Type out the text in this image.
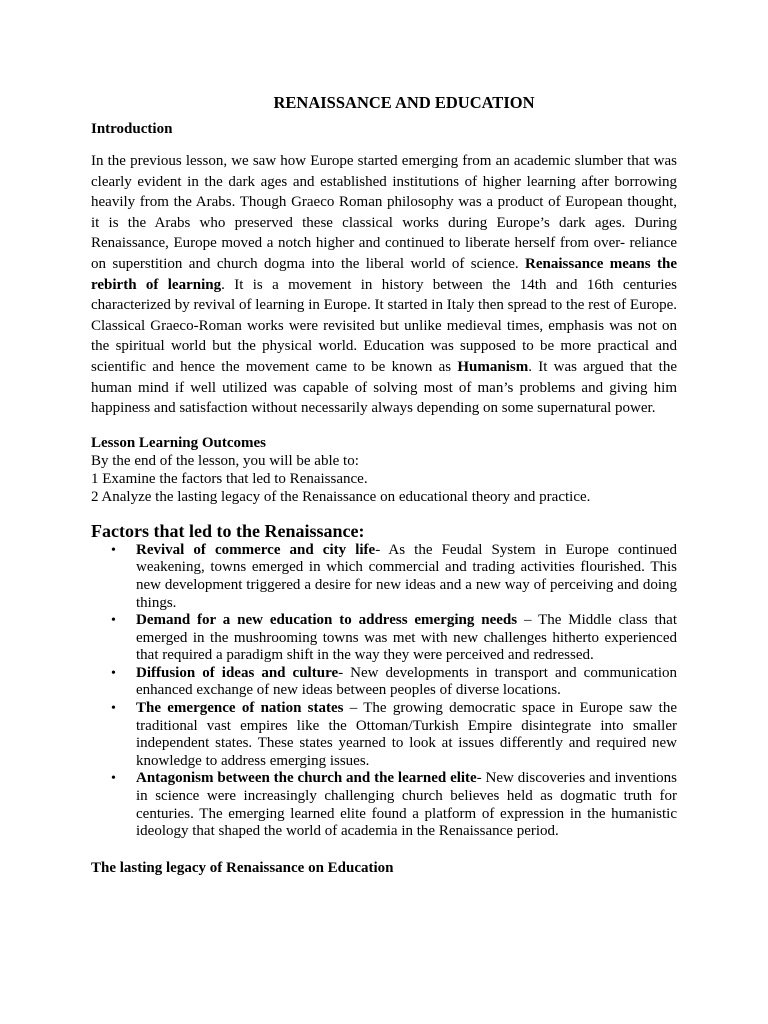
RENAISSANCE AND EDUCATION
Introduction

In the previous lesson, we saw how Europe started emerging from an academic slumber that was clearly evident in the dark ages and established institutions of higher learning after borrowing heavily from the Arabs. Though Graeco Roman philosophy was a product of European thought, it is the Arabs who preserved these classical works during Europe’s dark ages. During Renaissance, Europe moved a notch higher and continued to liberate herself from over- reliance on superstition and church dogma into the liberal world of science. Renaissance means the rebirth of learning. It is a movement in history between the 14th and 16th centuries characterized by revival of learning in Europe. It started in Italy then spread to the rest of Europe. Classical Graeco-Roman works were revisited but unlike medieval times, emphasis was not on the spiritual world but the physical world. Education was supposed to be more practical and scientific and hence the movement came to be known as Humanism. It was argued that the human mind if well utilized was capable of solving most of man’s problems and giving him happiness and satisfaction without necessarily always depending on some supernatural power.

Lesson Learning Outcomes
By the end of the lesson, you will be able to:
1 Examine the factors that led to Renaissance.
2 Analyze the lasting legacy of the Renaissance on educational theory and practice.
Factors that led to the Renaissance:
• Revival of commerce and city life- As the Feudal System in Europe continued weakening, towns emerged in which commercial and trading activities flourished. This new development triggered a desire for new ideas and a new way of perceiving and doing things.
• Demand for a new education to address emerging needs – The Middle class that emerged in the mushrooming towns was met with new challenges hitherto experienced that required a paradigm shift in the way they were perceived and redressed.
• Diffusion of ideas and culture- New developments in transport and communication enhanced exchange of new ideas between peoples of diverse locations.
• The emergence of nation states – The growing democratic space in Europe saw the traditional vast empires like the Ottoman/Turkish Empire disintegrate into smaller independent states. These states yearned to look at issues differently and required new knowledge to address emerging issues.
• Antagonism between the church and the learned elite- New discoveries and inventions in science were increasingly challenging church believes held as dogmatic truth for centuries. The emerging learned elite found a platform of expression in the humanistic ideology that shaped the world of academia in the Renaissance period.
The lasting legacy of Renaissance on Education
